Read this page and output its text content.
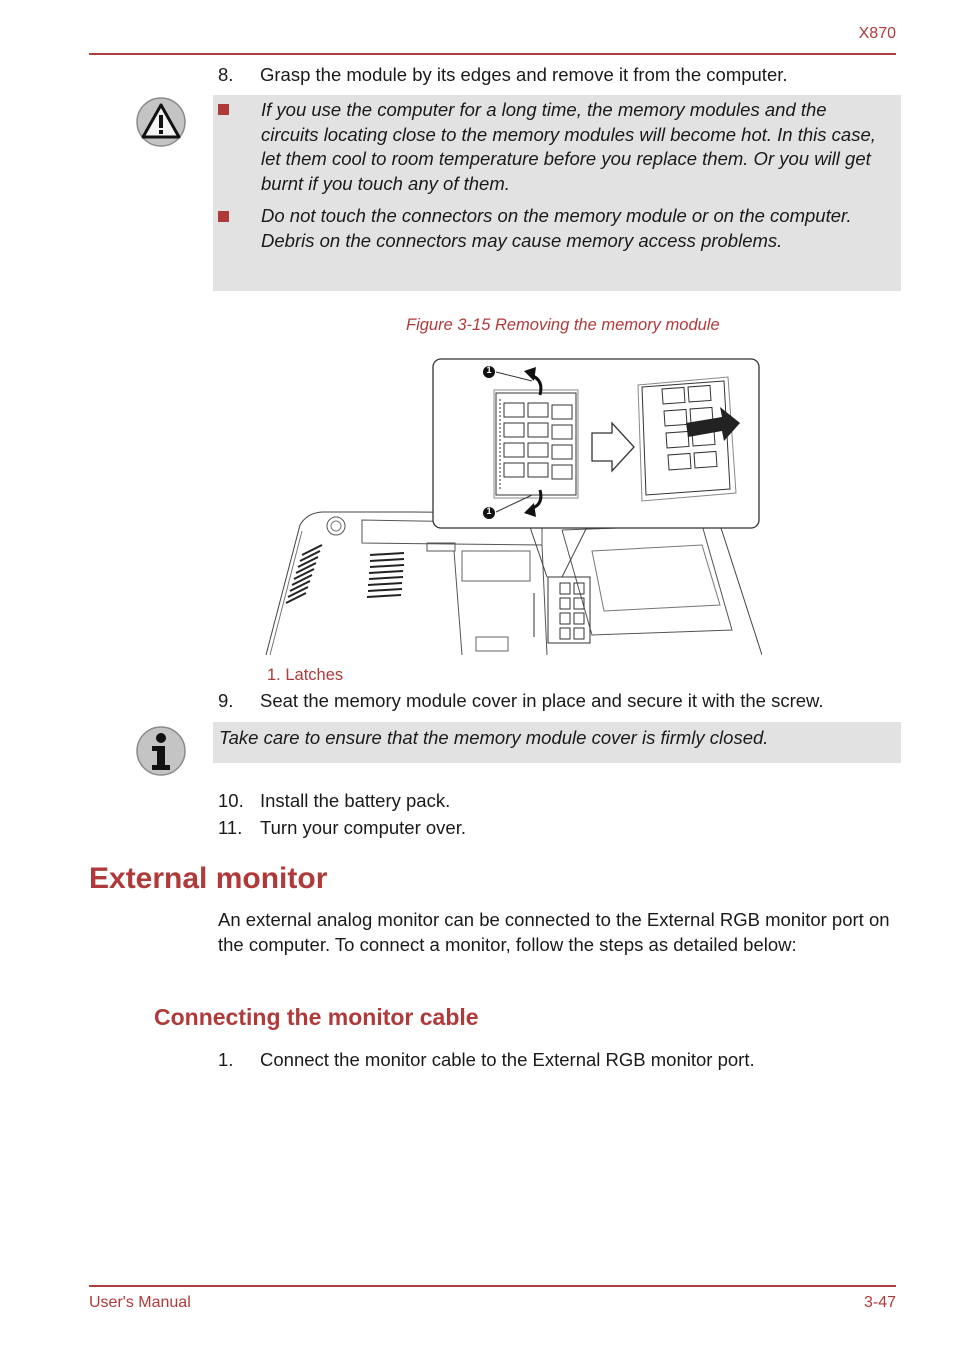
X870
8. Grasp the module by its edges and remove it from the computer.
If you use the computer for a long time, the memory modules and the circuits locating close to the memory modules will become hot. In this case, let them cool to room temperature before you replace them. Or you will get burnt if you touch any of them.
Do not touch the connectors on the memory module or on the computer. Debris on the connectors may cause memory access problems.
Figure 3-15 Removing the memory module
1
1
1. Latches
9. Seat the memory module cover in place and secure it with the screw.
Take care to ensure that the memory module cover is firmly closed.
10. Install the battery pack.
11. Turn your computer over.
External monitor
An external analog monitor can be connected to the External RGB monitor port on the computer. To connect a monitor, follow the steps as detailed below:
Connecting the monitor cable
1. Connect the monitor cable to the External RGB monitor port.
User's Manual	3-47
